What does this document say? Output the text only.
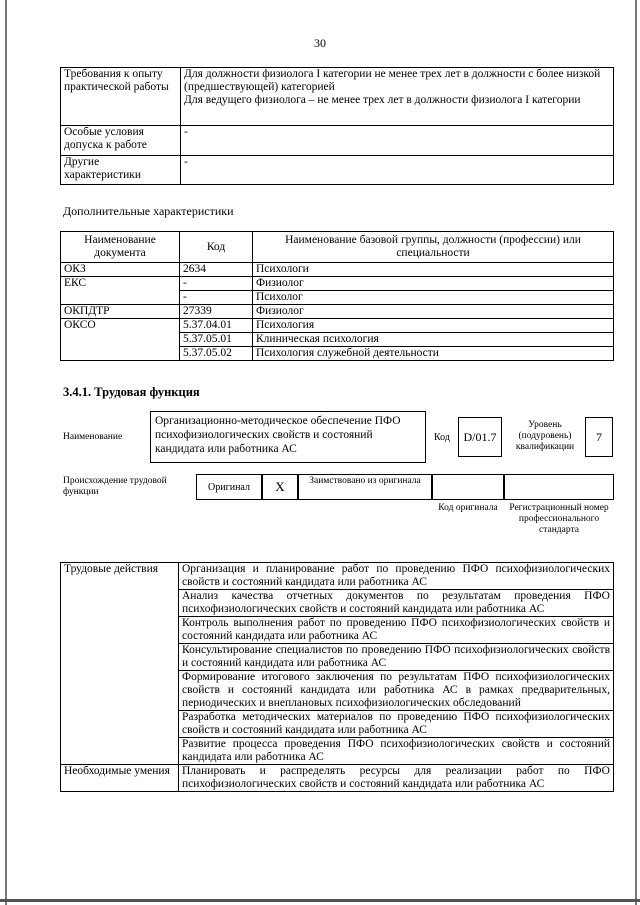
30
Требования к опыту практической работы	Для должности физиолога I категории не менее трех лет в должности с более низкой (предшествующей) категорией
Для ведущего физиолога – не менее трех лет в должности физиолога I категории

Особые условия допуска к работе	-
Другие характеристики	-
Дополнительные характеристики
Наименование документа	Код	Наименование базовой группы, должности (профессии) или специальности
ОКЗ	2634	Психологи
ЕКС	-	Физиолог
	-	Психолог
ОКПДТР	27339	Физиолог
ОКСО	5.37.04.01	Психология
	5.37.05.01	Клиническая психология
	5.37.05.02	Психология служебной деятельности
3.4.1. Трудовая функция
Наименование
Организационно-методическое обеспечение ПФО психофизиологических свойств и состояний кандидата или работника АС
Код	D/01.7
Уровень (подуровень) квалификации
7
Происхождение трудовой функции	Оригинал	X	Заимствовано из оригинала
Код оригинала	Регистрационный номер профессионального стандарта
Трудовые действия	Организация и планирование работ по проведению ПФО психофизиологических свойств и состояний кандидата или работника АС
	Анализ качества отчетных документов по результатам проведения ПФО психофизиологических свойств и состояний кандидата или работника АС
	Контроль выполнения работ по проведению ПФО психофизиологических свойств и состояний кандидата или работника АС
	Консультирование специалистов по проведению ПФО психофизиологических свойств и состояний кандидата или работника АС
	Формирование итогового заключения по результатам ПФО психофизиологических свойств и состояний кандидата или работника АС в рамках предварительных, периодических и внеплановых психофизиологических обследований
	Разработка методических материалов по проведению ПФО психофизиологических свойств и состояний кандидата или работника АС
	Развитие процесса проведения ПФО психофизиологических свойств и состояний кандидата или работника АС
Необходимые умения	Планировать и распределять ресурсы для реализации работ по ПФО психофизиологических свойств и состояний кандидата или работника АС
